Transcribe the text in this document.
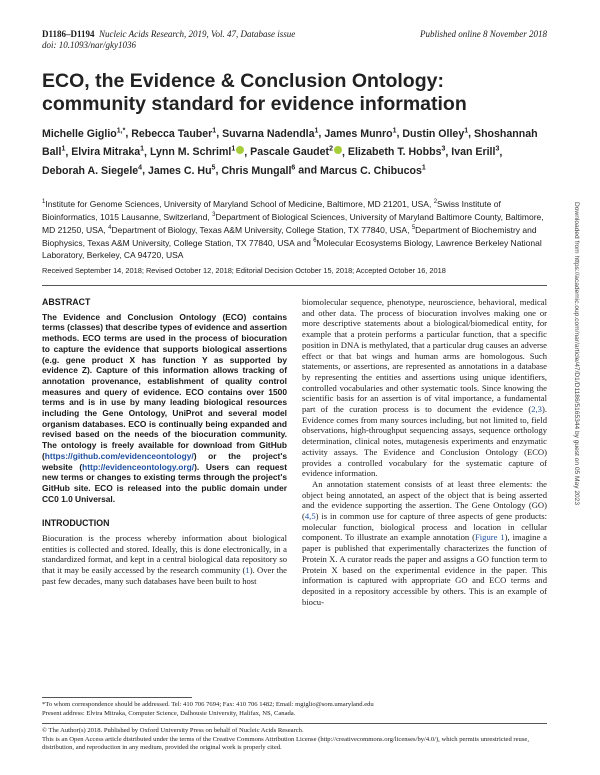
D1186–D1194 Nucleic Acids Research, 2019, Vol. 47, Database issue
doi: 10.1093/nar/gky1036
Published online 8 November 2018
ECO, the Evidence & Conclusion Ontology:
community standard for evidence information
Michelle Giglio$^{1,*}$, Rebecca Tauber$^1$, Suvarna Nadendla$^1$, James Munro$^1$, Dustin Olley$^1$, Shoshannah Ball$^1$, Elvira Mitraka$^1$, Lynn M. Schriml$^1$ , Pascale Gaudet$^2$ , Elizabeth T. Hobbs$^3$, Ivan Erill$^3$, Deborah A. Siegele$^4$, James C. Hu$^5$, Chris Mungall$^6$ and Marcus C. Chibucos$^1$
$^1$Institute for Genome Sciences, University of Maryland School of Medicine, Baltimore, MD 21201, USA, $^2$Swiss Institute of Bioinformatics, 1015 Lausanne, Switzerland, $^3$Department of Biological Sciences, University of Maryland Baltimore County, Baltimore, MD 21250, USA, $^4$Department of Biology, Texas A&M University, College Station, TX 77840, USA, $^5$Department of Biochemistry and Biophysics, Texas A&M University, College Station, TX 77840, USA and $^6$Molecular Ecosystems Biology, Lawrence Berkeley National Laboratory, Berkeley, CA 94720, USA
Received September 14, 2018; Revised October 12, 2018; Editorial Decision October 15, 2018; Accepted October 16, 2018
ABSTRACT

The Evidence and Conclusion Ontology (ECO) contains terms (classes) that describe types of evidence and assertion methods. ECO terms are used in the process of biocuration to capture the evidence that supports biological assertions (e.g. gene product X has function Y as supported by evidence Z). Capture of this information allows tracking of annotation provenance, establishment of quality control measures and query of evidence. ECO contains over 1500 terms and is in use by many leading biological resources including the Gene Ontology, UniProt and several model organism databases. ECO is continually being expanded and revised based on the needs of the biocuration community. The ontology is freely available for download from GitHub (https://github.com/evidenceontology/) or the project's website (http://evidenceontology.org/). Users can request new terms or changes to existing terms through the project's GitHub site. ECO is released into the public domain under CC0 1.0 Universal.

INTRODUCTION

Biocuration is the process whereby information about biological entities is collected and stored. Ideally, this is done electronically, in a standardized format, and kept in a central biological data repository so that it may be easily accessed by the research community (1). Over the past few decades, many such databases have been built to host

biomolecular sequence, phenotype, neuroscience, behavioral, medical and other data. The process of biocuration involves making one or more descriptive statements about a biological/biomedical entity, for example that a protein performs a particular function, that a specific position in DNA is methylated, that a particular drug causes an adverse effect or that bat wings and human arms are homologous. Such statements, or assertions, are represented as annotations in a database by representing the entities and assertions using unique identifiers, controlled vocabularies and other systematic tools. Since knowing the scientific basis for an assertion is of vital importance, a fundamental part of the curation process is to document the evidence (2,3). Evidence comes from many sources including, but not limited to, field observations, high-throughput sequencing assays, sequence orthology determination, clinical notes, mutagenesis experiments and enzymatic activity assays. The Evidence and Conclusion Ontology (ECO) provides a controlled vocabulary for the systematic capture of evidence information.

An annotation statement consists of at least three elements: the object being annotated, an aspect of the object that is being asserted and the evidence supporting the assertion. The Gene Ontology (GO) (4,5) is in common use for capture of three aspects of gene products: molecular function, biological process and location in cellular component. To illustrate an example annotation (Figure 1), imagine a paper is published that experimentally characterizes the function of Protein X. A curator reads the paper and assigns a GO function term to Protein X based on the experimental evidence in the paper. This information is captured with appropriate GO and ECO terms and deposited in a repository accessible by others. This is an example of biocu-

*To whom correspondence should be addressed. Tel: 410 706 7694; Fax: 410 706 1482; Email: mgiglio@som.umaryland.edu
Present address: Elvira Mitraka, Computer Science, Dalhousie University, Halifax, NS, Canada.
© The Author(s) 2018. Published by Oxford University Press on behalf of Nucleic Acids Research.
This is an Open Access article distributed under the terms of the Creative Commons Attribution License (http://creativecommons.org/licenses/by/4.0/), which permits unrestricted reuse, distribution, and reproduction in any medium, provided the original work is properly cited.
Downloaded from https://academic.oup.com/nar/article/47/D1/D1186/5165344 by guest on 05 May 2023
